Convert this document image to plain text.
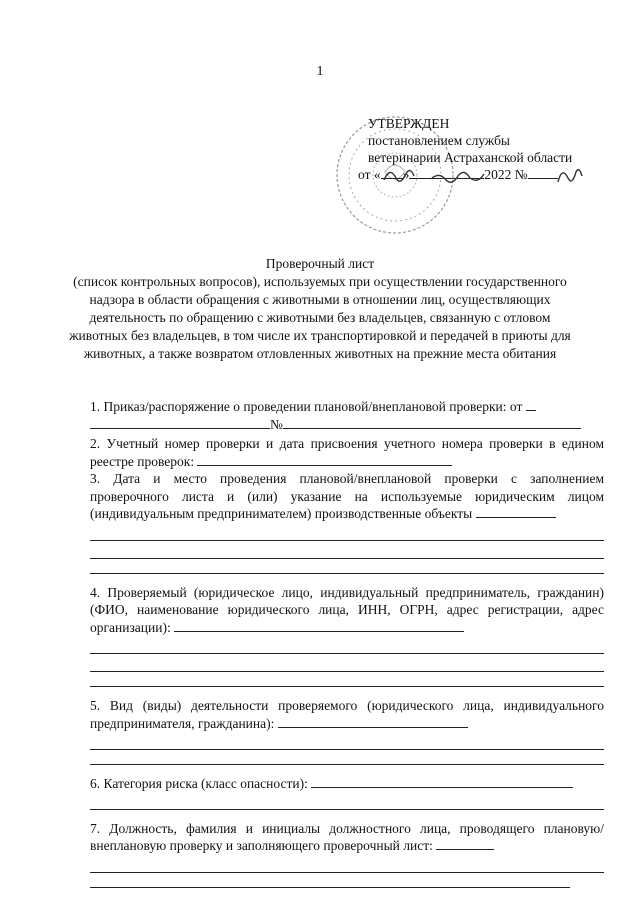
1
УТВЕРЖДЕН
постановлением службы
ветеринарии Астраханской области
от « »	2022 №
Проверочный лист
(список контрольных вопросов), используемых при осуществлении государственного надзора в области обращения с животными в отношении лиц, осуществляющих деятельность по обращению с животными без владельцев, связанную с отловом животных без владельцев, в том числе их транспортировкой и передачей в приюты для животных, а также возвратом отловленных животных на прежние места обитания

1. Приказ/распоряжение о проведении плановой/внеплановой проверки: от

№

2. Учетный номер проверки и дата присвоения учетного номера проверки в едином реестре проверок:

3. Дата и место проведения плановой/внеплановой проверки с заполнением проверочного листа и (или) указание на используемые юридическим лицом (индивидуальным предпринимателем) производственные объекты

4. Проверяемый (юридическое лицо, индивидуальный предприниматель, гражданин) (ФИО, наименование юридического лица, ИНН, ОГРН, адрес регистрации, адрес организации):

5. Вид (виды) деятельности проверяемого (юридического лица, индивидуального предпринимателя, гражданина):

6. Категория риска (класс опасности):

7. Должность, фамилия и инициалы должностного лица, проводящего плановую/внеплановую проверку и заполняющего проверочный лист:
